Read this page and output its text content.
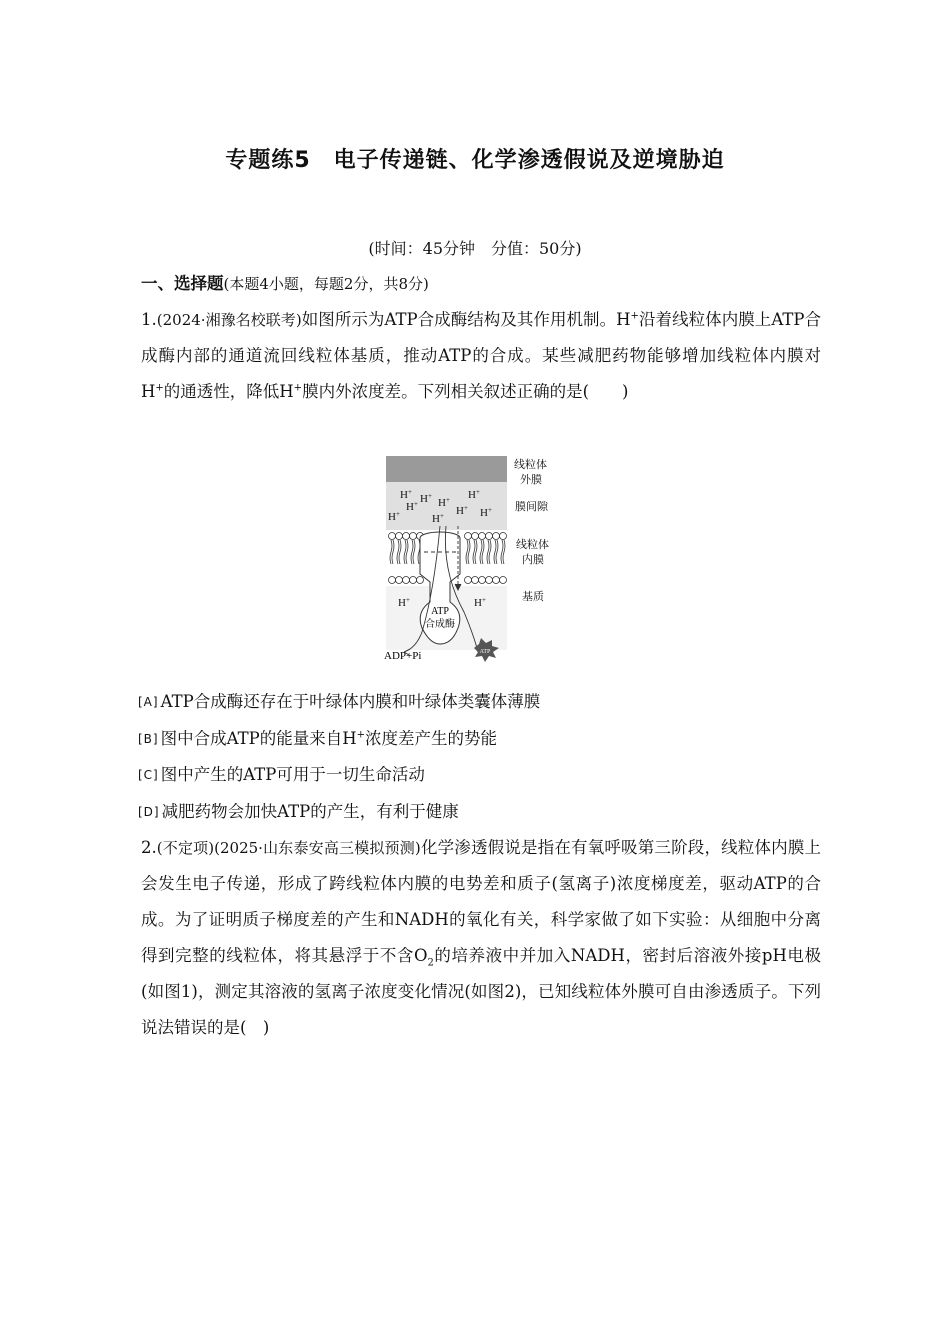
专题练5　电子传递链、化学渗透假说及逆境胁迫
(时间：45分钟　分值：50分)
一、选择题(本题4小题，每题2分，共8分)
1.(2024·湘豫名校联考)如图所示为ATP合成酶结构及其作用机制。H+沿着线粒体内膜上ATP合成酶内部的通道流回线粒体基质，推动ATP的合成。某些减肥药物能够增加线粒体内膜对H+的通透性，降低H+膜内外浓度差。下列相关叙述正确的是(　　)
ATP
H+
H+ H+
H+ H+
H+	H+ H+ H+
H+	H+
ATP
合成酶
ADP+Pi
线粒体
外膜
膜间隙
线粒体
内膜
基质
[A] ATP合成酶还存在于叶绿体内膜和叶绿体类囊体薄膜
[B] 图中合成ATP的能量来自H+浓度差产生的势能
[C] 图中产生的ATP可用于一切生命活动
[D] 减肥药物会加快ATP的产生，有利于健康
2.(不定项)(2025·山东泰安高三模拟预测)化学渗透假说是指在有氧呼吸第三阶段，线粒体内膜上会发生电子传递，形成了跨线粒体内膜的电势差和质子(氢离子)浓度梯度差，驱动ATP的合成。为了证明质子梯度差的产生和NADH的氧化有关，科学家做了如下实验：从细胞中分离得到完整的线粒体，将其悬浮于不含$O_2$的培养液中并加入NADH，密封后溶液外接pH电极(如图1)，测定其溶液的氢离子浓度变化情况(如图2)，已知线粒体外膜可自由渗透质子。下列说法错误的是(　)
